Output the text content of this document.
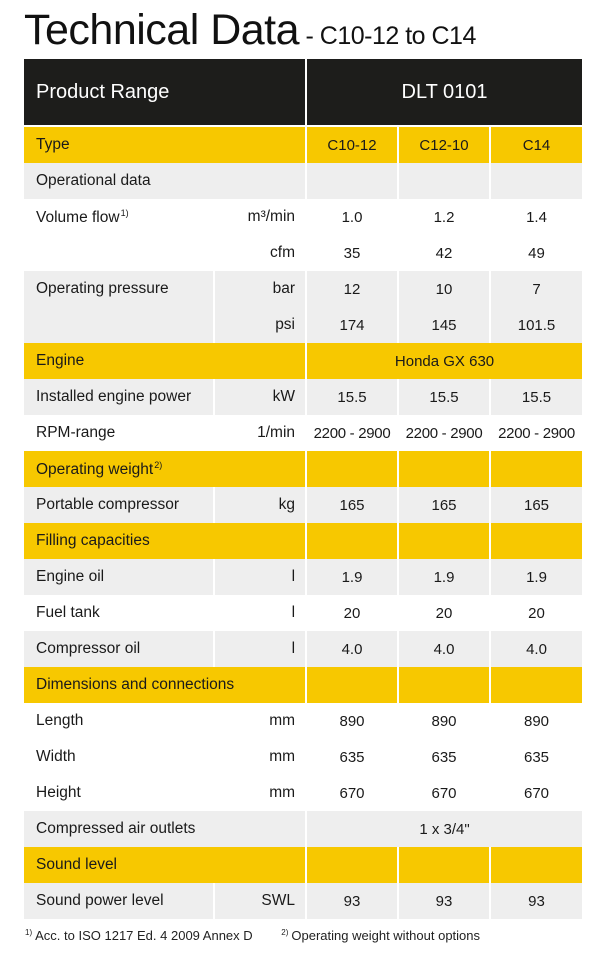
Technical Data - C10-12 to C14
Product Range		DLT 0101		
Type		C10-12	C12-10	C14
Operational data				
Volume flow$^{1)}$	m³/min	1.0	1.2	1.4
	cfm	35	42	49
Operating pressure	bar	12	10	7
	psi	174	145	101.5
Engine		Honda GX 630		
Installed engine power	kW	15.5	15.5	15.5
RPM-range	1/min	2200 - 2900	2200 - 2900	2200 - 2900
Operating weight$^{2)}$			
Portable compressor	kg	165	165	165
Filling capacities				
Engine oil	l	1.9	1.9	1.9
Fuel tank	l	20	20	20
Compressor oil	l	4.0	4.0	4.0
Dimensions and connections				
Length	mm	890	890	890
Width	mm	635	635	635
Height	mm	670	670	670
Compressed air outlets		1 x 3/4"		
Sound level				
Sound power level	SWL	93	93	93
$^{1)}$ Acc. to ISO 1217 Ed. 4 2009 Annex D	$^{2)}$ Operating weight without options
